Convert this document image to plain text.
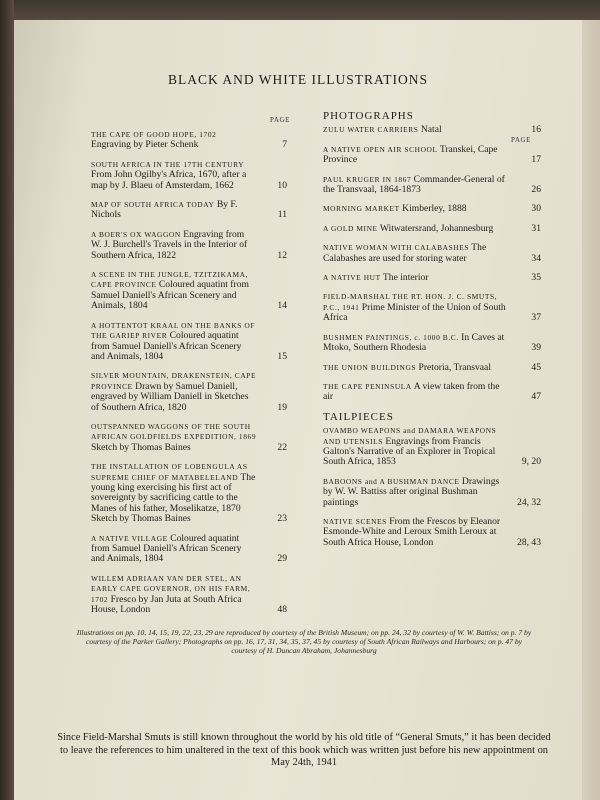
BLACK AND WHITE ILLUSTRATIONS
PAGE
PAGE
THE CAPE OF GOOD HOPE, 1702 Engraving by Pieter Schenk	7
SOUTH AFRICA IN THE 17TH CENTURY From John Ogilby's Africa, 1670, after a map by J. Blaeu of Amsterdam, 1662	10
MAP OF SOUTH AFRICA TODAY By F. Nichols	11
A BOER'S OX WAGGON Engraving from W. J. Burchell's Travels in the Interior of Southern Africa, 1822	12
A SCENE IN THE JUNGLE, TZITZIKAMA, CAPE PROVINCE Coloured aquatint from Samuel Daniell's African Scenery and Animals, 1804	14
A HOTTENTOT KRAAL ON THE BANKS OF THE GARIEP RIVER Coloured aquatint from Samuel Daniell's African Scenery and Animals, 1804	15
SILVER MOUNTAIN, DRAKENSTEIN, CAPE PROVINCE Drawn by Samuel Daniell, engraved by William Daniell in Sketches of Southern Africa, 1820	19
OUTSPANNED WAGGONS OF THE SOUTH AFRICAN GOLDFIELDS EXPEDITION, 1869 Sketch by Thomas Baines	22
THE INSTALLATION OF LOBENGULA AS SUPREME CHIEF OF MATABELELAND The young king exercising his first act of sovereignty by sacrificing cattle to the Manes of his father, Moselikatze, 1870 Sketch by Thomas Baines	23
A NATIVE VILLAGE Coloured aquatint from Samuel Daniell's African Scenery and Animals, 1804	29
WILLEM ADRIAAN VAN DER STEL, AN EARLY CAPE GOVERNOR, ON HIS FARM, 1702 Fresco by Jan Juta at South Africa House, London	48
PHOTOGRAPHS
ZULU WATER CARRIERS Natal	16
A NATIVE OPEN AIR SCHOOL Transkei, Cape Province	17
PAUL KRUGER IN 1867 Commander-General of the Transvaal, 1864-1873	26
MORNING MARKET Kimberley, 1888	30
A GOLD MINE Witwatersrand, Johannesburg	31
NATIVE WOMAN WITH CALABASHES The Calabashes are used for storing water	34
A NATIVE HUT The interior	35
FIELD-MARSHAL THE RT. HON. J. C. SMUTS, P.C., 1941 Prime Minister of the Union of South Africa	37
BUSHMEN PAINTINGS, c. 1000 B.C. In Caves at Mtoko, Southern Rhodesia	39
THE UNION BUILDINGS Pretoria, Transvaal	45
THE CAPE PENINSULA A view taken from the air	47
TAILPIECES
OVAMBO WEAPONS and DAMARA WEAPONS AND UTENSILS Engravings from Francis Galton's Narrative of an Explorer in Tropical South Africa, 1853	9, 20
BABOONS and A BUSHMAN DANCE Drawings by W. W. Battiss after original Bushman paintings	24, 32
NATIVE SCENES From the Frescos by Eleanor Esmonde-White and Leroux Smith Leroux at South Africa House, London	28, 43
Illustrations on pp. 10, 14, 15, 19, 22, 23, 29 are reproduced by courtesy of the British Museum; on pp. 24, 32 by courtesy of W. W. Battiss; on p. 7 by courtesy of the Parker Gallery; Photographs on pp. 16, 17, 31, 34, 35, 37, 45 by courtesy of South African Railways and Harbours; on p. 47 by courtesy of H. Duncan Abraham, Johannesburg
Since Field-Marshal Smuts is still known throughout the world by his old title of “General Smuts,” it has been decided to leave the references to him unaltered in the text of this book which was written just before his new appointment on May 24th, 1941
